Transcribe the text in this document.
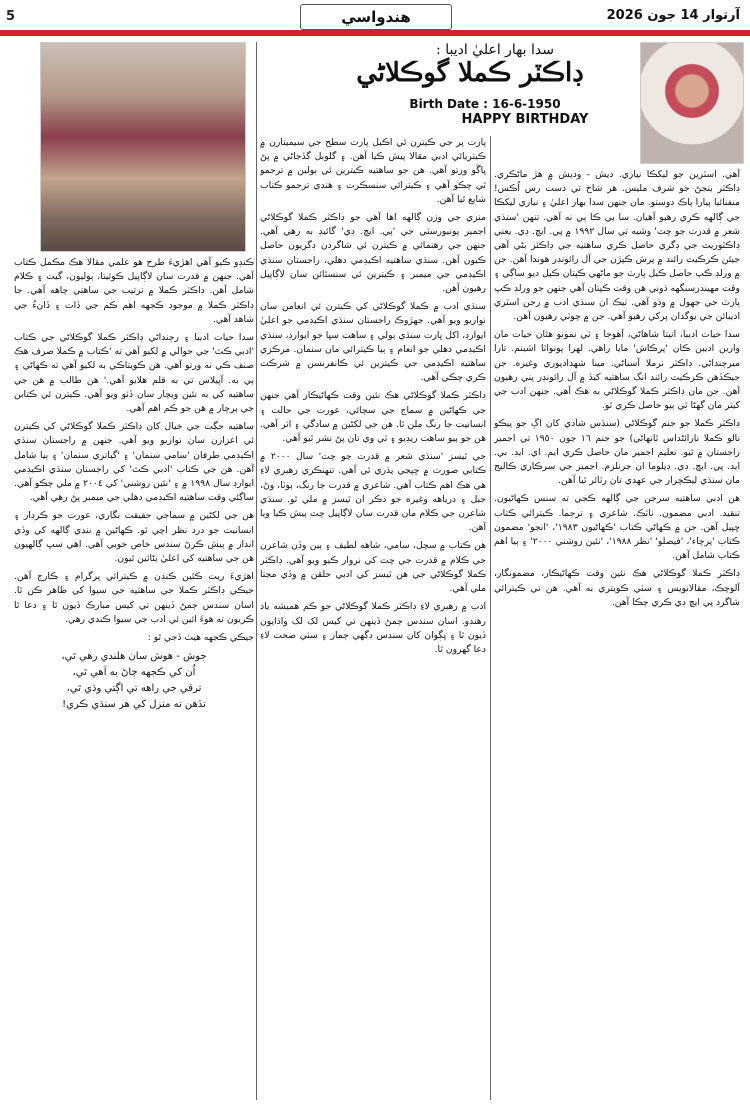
5	هندواسي	آرتوار 14 جون 2026
سدا بهار اعليٰ اديبا :
ڊاڪٽر ڪملا گوڪلاڻي
Birth Date : 16-6-1950
HAPPY BIRTHDAY

آهي. اسٽرين جو ليکڪا نياري. ديش - وديش ۾ هڙ ماڻڪري. ڊاڪٽر بنجڻ جو شرف مليس. هر شاخ تي دست رس اُڪس! منفنائيا پيارا پاڪ دوستو. مان جنهن سدا بهار اعليٰ ۽ نياري ليکڪا جي ڳالهه ڪري رهيو آهيان. سا بي ڪا ٻي نه آهي. تنهن 'سنڌي شعر ۾ قدرت جو چٽ' وشيه تي سال ١٩٩٢ ۾ پي. ايڇ. ڊي. يعني ڊاڪٽوريٽ جي ڊگري حاصل ڪري ساهتيه جي ڊاڪٽر بڻي آهي جيئن ڪرڪيٽ رائند ۾ پرش ڪپڙن جي آل رائونڊر هوندا آهن. جن ۾ ورلڊ ڪپ حاصل ڪيل پارٽ جو ماڻهي ڪپتان ڪپل ديو ساڳي ۽ وقت مهيندرسنگهه ڌوني هن وقت ڪپتان آهي جنهن جو ورلڊ ڪپ پارٽ جي جهول ۾ وڌو آهي. ٺيڪ ان سنڌي ادب ۾ رجن اسٽري اديبائن جي يوگدان پرکي رهيو آهي. جن ۾ چوٽي رهيون آهن.

سدا حيات اديبا، انيتا شاهاڻي، آهوجا ۽ ٽي نمونو هئان حيات مان وارين اديبن ڪان 'پرڪاش' مايا راهي. لهرا پونواٽا اشبنم. تارا ميرچنداڻي. ڊاڪٽر نرملا آسناڻي. مينا شهدادپوري وغيره. جن جيڪڏهن ڪرڪيٽ رائند انگ ساهتيه کيڏ ۾ آل رائونڊر پني رهيون آهن. جن مان ڊاڪٽر ڪملا گوڪلاڻي به هڪ آهي. جنهن ادب جي کيتر مان گهڻا ٿي ٻيو حاصل ڪري ٿو.

ڊاڪٽر ڪملا جو جنم گوڪلاڻي (سنڌس شادي کان اڳ جو پيڪو نالو ڪملا نارائڻداس ٿانهاڻي) جو جنم ١٦ جون ١٩٥٠ تي اجمير راجستان ۾ ٿيو. تعليم اجمير مان حاصل ڪري ايم. اي. ايڊ. بي. ايڊ. پي. ايڇ. ڊي. ڊپلوما ان جرنلزم. اجمير جي سرڪاري ڪاليج مان سنڌي ليڪچرار جي عهدي تان رٽائر ٿيا آهن.

هن ادبي ساهتيه سرجن جي ڳالهه ڪجي ته سنس ڪهاڻيون. تنقيد. ادبي مضمون. ناٽڪ. شاعري ۽ ترجما. ڪيترائي ڪتاب ڇپيل آهن. جن ۾ ڪهاڻي ڪتاب 'ڪهاڻيون ١٩٨٣'، 'انجو' مضمون ڪتاب 'پرچاء'، 'فيصلو' 'نظر ١٩٨٨'، 'نئين روشني ٢٠٠٠' ۽ ٻيا اهم ڪتاب شامل آهن.

ڊاڪٽر ڪملا گوڪلاڻي هڪ نئين وقت ڪهاڻيڪار، مضمونگار، آلوچڪ، مقالانويس ۽ سٺي ڪويتري به آهي. هن تي ڪيترائي شاگرد پي ايڇ ڊي ڪري چڪا آهن.

پارت پر جي ڪيترن ئي اڪيل پارت سطح جي سيمينارن ۾ ڪيتريائي ادبي مقالا پيش ڪيا آهن. ۽ گلوبل گڏجاڻي ۾ پڻ ڀاڱو ورتو آهي. هن جو ساهتيه ڪيترين ئي ٻولين ۾ ترجمو ٿي چڪو آهي ۽ ڪيترائي سنسڪرت ۽ هندي ترجمو ڪتاب شايع ٿيا آهن.

منزي جي وزن ڳالهه اها آهي جو ڊاڪٽر ڪملا گوڪلاڻي اجمير يونيورسٽي جي 'پي. ايڇ. ڊي' گائيڊ به رهي آهي. جنهن جي رهنمائي ۾ ڪيترن ئي شاگردن ڊگريون حاصل ڪيون آهن. سنڌي ساهتيه اڪيڊمي دهلي، راجستان سنڌي اڪيڊمي جي ميمبر ۽ ڪيترين ئي سنسٿائن سان لاڳاپيل رهيون آهن.

سنڌي ادب ۾ ڪملا گوڪلاڻي کي ڪيترن ئي انعامن سان نوازيو ويو آهي. جهڙوڪ راجستان سنڌي اڪيڊمي جو اعليٰ ايوارڊ، اکل ڀارت سنڌي ٻولي ۽ ساهت سڀا جو ايوارڊ، سنڌي اڪيڊمي دهلي جو انعام ۽ ٻيا ڪيترائي مان سنمان. مرڪزي ساهتيه اڪيڊمي جي ڪيترين ئي ڪانفرنسن ۾ شرڪت ڪري چڪي آهي.

ڊاڪٽر ڪملا گوڪلاڻي هڪ نئين وقت ڪهاڻيڪار آهي جنهن جي ڪهاڻين ۾ سماج جي سچائي، عورت جي حالت ۽ انسانيت جا رنگ ملن ٿا. هن جي لکڻين ۾ سادگي ۽ اثر آهي. هن جو ٻيو ساهت ريڊيو ۽ ٽي وي تان پڻ نشر ٿيو آهي.

جي ٿيسز 'سنڌي شعر ۾ قدرت جو چٽ' سال ٢٠٠٠ ۾ ڪتابي صورت ۾ ڇپجي پڌري ٿي آهي. تنهنڪري رهبري لاءِ هي هڪ اهم ڪتاب آهي. شاعري ۾ قدرت جا رنگ، ٻوٽا، وڻ، جبل ۽ درياهه وغيره جو ذڪر ان ٿيسز ۾ ملي ٿو. سنڌي شاعرن جي ڪلام مان قدرت سان لاڳاپيل چٽ پيش ڪيا ويا آهن.

هن ڪتاب ۾ سچل، سامي، شاهه لطيف ۽ ٻين وڏن شاعرن جي ڪلام ۾ قدرت جي چٽ کي نروار ڪيو ويو آهي. ڊاڪٽر ڪملا گوڪلاڻي جي هن ٿيسز کي ادبي حلقن ۾ وڏي مڃتا ملي آهي.

ادب ۾ رهبري لاءِ ڊاڪٽر ڪملا گوڪلاڻي جو ڪم هميشه ياد رهندو. اسان سندس ڄمڻ ڏينهن تي کيس لک لک واڌايون ڏيون ٿا ۽ ڀڳوان کان سندس ڊگهي ڄمار ۽ سٺي صحت لاءِ دعا گهرون ٿا.

ڪنڊو ڪيو آهي اهڙيءَ طرح هو علمي مقالا هڪ مڪمل ڪتاب آهي. جنهن ۾ قدرت سان لاڳاپيل ڪوئيتا، ٻوليون، گيت ۽ ڪلام شامل آهن. ڊاڪٽر ڪملا ۾ ترتيب جي ساهتي چاهه آهي. جا ڊاڪٽر ڪملا ۾ موجود ڪجهه اهم ڪم جي ڏات ۽ ڏانءُ جي شاهد آهي.

سدا حيات اديبا ۽ رڄنداڻي ڊاڪٽر ڪملا گوڪلاڻي جي ڪتاب 'ادبي ڪٿ' جي حوالي ۾ لکيو آهي ته 'ڪتاب ۾ ڪملا صرف هڪ صنف ڪي نه ورتو آهي. هن ڪويتاڪي به لکيو آهي ته ڪهاڻي ۽ ٻي به. آپيلاس تي به قلم هلايو آهي.' هن طالب ۾ هن جي ساهتيه کي به نئين ويچار سان ڏٺو ويو آهي. ڪيترن ئي ڪتابن جي پرچار ۾ هن جو ڪم اهم آهي.

ساهتيه جڳت جي خيال کان ڊاڪٽر ڪملا گوڪلاڻي کي ڪيترن ئي اعزازن سان نوازيو ويو آهي. جنهن ۾ راجستان سنڌي اڪيڊمي طرفان 'سامي سنمان' ۽ 'گياتري سنمان' ۽ ٻيا شامل آهن. هن جي ڪتاب 'ادبي ڪٿ' کي راجستان سنڌي اڪيڊمي ايوارڊ سال ١٩٩٨ ۾ ۽ 'نئين روشني' کي ٢٠٠٤ ۾ ملي چڪو آهي. ساڳئي وقت ساهتيه اڪيڊمي دهلي جي ميمبر پڻ رهي آهي.

هن جي لکڻين ۾ سماجي حقيقت نگاري، عورت جو ڪردار ۽ انسانيت جو درد نظر اچي ٿو. ڪهاڻين ۾ ننڍي ڳالهه کي وڏي انداز ۾ پيش ڪرڻ سندس خاص خوبي آهي. اهي سڀ ڳالهيون هن جي ساهتيه کي اعليٰ بڻائين ٿيون.

اهڙيءَ ريت ڪئين ڪنڊن ۾ ڪيترائي پرگرام ۽ ڪارج آهن. جيڪي ڊاڪٽر ڪملا جي ساهتيه جي سيوا کي ظاهر ڪن ٿا. اسان سندس ڄمڻ ڏينهن تي کيس مبارڪ ڏيون ٿا ۽ دعا ٿا ڪريون ته هوءَ ائين ئي ادب جي سيوا ڪندي رهي.

جيڪي ڪجهه هيٺ ڏجي ٿو :

جوش - هوش سان هلندي رهي ٿي،
اُن کي ڪجهه ڄاڻ به آهي ٿي،
ترقي جي راهه تي اڳتي وڌي ٿي،
تڏهن ته منزل کي هر سنڌي ڪري!
